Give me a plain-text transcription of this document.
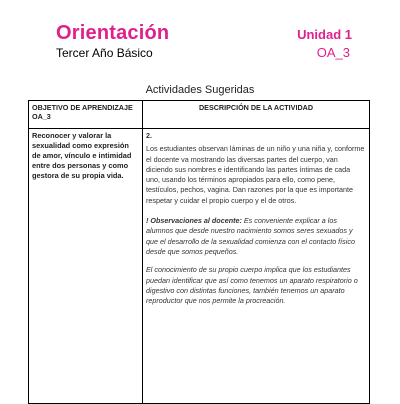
Orientación	Unidad 1
Tercer Año Básico	OA_3
Actividades Sugeridas
OBJETIVO DE APRENDIZAJE OA_3	DESCRIPCIÓN DE LA ACTIVIDAD
Reconocer y valorar la sexualidad como expresión de amor, vínculo e intimidad entre dos personas y como gestora de su propia vida.	2.

Los estudiantes observan láminas de un niño y una niña y, conforme el docente va mostrando las diversas partes del cuerpo, van diciendo sus nombres e identificando las partes íntimas de cada uno, usando los términos apropiados para ello, como pene, testículos, pechos, vagina. Dan razones por la que es importante respetar y cuidar el propio cuerpo y el de otros.

! Observaciones al docente: Es conveniente explicar a los alumnos que desde nuestro nacimiento somos seres sexuados y que el desarrollo de la sexualidad comienza con el contacto físico desde que somos pequeños.

El conocimiento de su propio cuerpo implica que los estudiantes puedan identificar que así como tenemos un aparato respiratorio o digestivo con distintas funciones, también tenemos un aparato reproductor que nos permite la procreación.
